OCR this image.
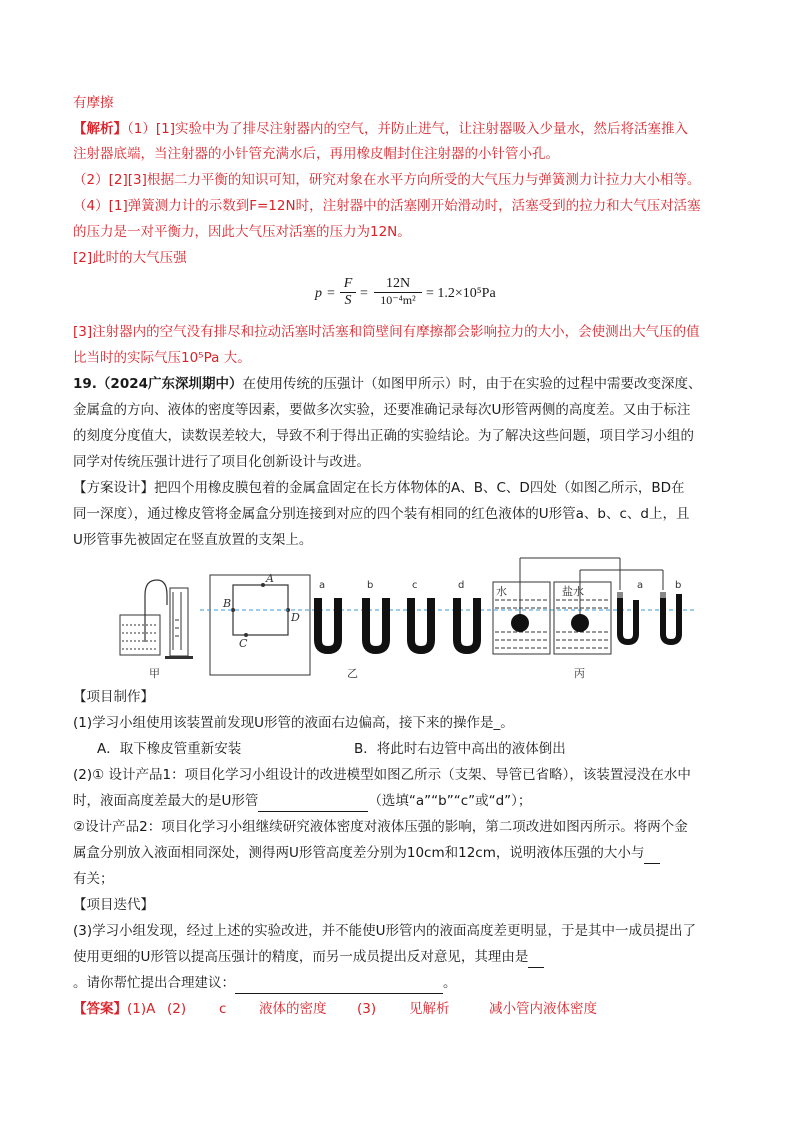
有摩擦
【解析】（1）[1]实验中为了排尽注射器内的空气，并防止进气，让注射器吸入少量水，然后将活塞推入
注射器底端，当注射器的小针管充满水后，再用橡皮帽封住注射器的小针管小孔。
（2）[2][3]根据二力平衡的知识可知，研究对象在水平方向所受的大气压力与弹簧测力计拉力大小相等。
（4）[1]弹簧测力计的示数到F=12N时，注射器中的活塞刚开始滑动时，活塞受到的拉力和大气压对活塞
的压力是一对平衡力，因此大气压对活塞的压力为12N。
[2]此时的大气压强
$p = \frac{F}{S} = \frac{12N}{\text{10⁻⁴m²}} = 1.2\times 10^5Pa$
[3]注射器内的空气没有排尽和拉动活塞时活塞和筒壁间有摩擦都会影响拉力的大小，会使测出大气压的值
比当时的实际气压10⁵Pa 大。
19.（2024广东深圳期中）在使用传统的压强计（如图甲所示）时，由于在实验的过程中需要改变深度、
金属盒的方向、液体的密度等因素，要做多次实验，还要准确记录每次U形管两侧的高度差。又由于标注
的刻度分度值大，读数误差较大，导致不利于得出正确的实验结论。为了解决这些问题，项目学习小组的
同学对传统压强计进行了项目化创新设计与改进。
【方案设计】把四个用橡皮膜包着的金属盒固定在长方体物体的A、B、C、D四处（如图乙所示，BD在
同一深度），通过橡皮管将金属盒分别连接到对应的四个装有相同的红色液体的U形管a、b、c、d上，且
U形管事先被固定在竖直放置的支架上。
甲
A
B
D
C
a	b	c	d
乙
水	盐水	a	b
丙
【项目制作】
(1)学习小组使用该装置前发现U形管的液面右边偏高，接下来的操作是_。
A．取下橡皮管重新安装	B．将此时右边管中高出的液体倒出
(2)① 设计产品1：项目化学习小组设计的改进模型如图乙所示（支架、导管已省略），该装置浸没在水中
时，液面高度差最大的是U形管	（选填“a”“b”“c”或“d”）；
②设计产品2：项目化学习小组继续研究液体密度对液体压强的影响，第二项改进如图丙所示。将两个金
属盒分别放入液面相同深处，测得两U形管高度差分别为10cm和12cm，说明液体压强的大小与
有关；
【项目迭代】
(3)学习小组发现，经过上述的实验改进，并不能使U形管内的液面高度差更明显，于是其中一成员提出了
使用更细的U形管以提高压强计的精度，而另一成员提出反对意见，其理由是
。请你帮忙提出合理建议：	。
【答案】(1)A (2) c 液体的密度 (3) 见解析	减小管内液体密度
